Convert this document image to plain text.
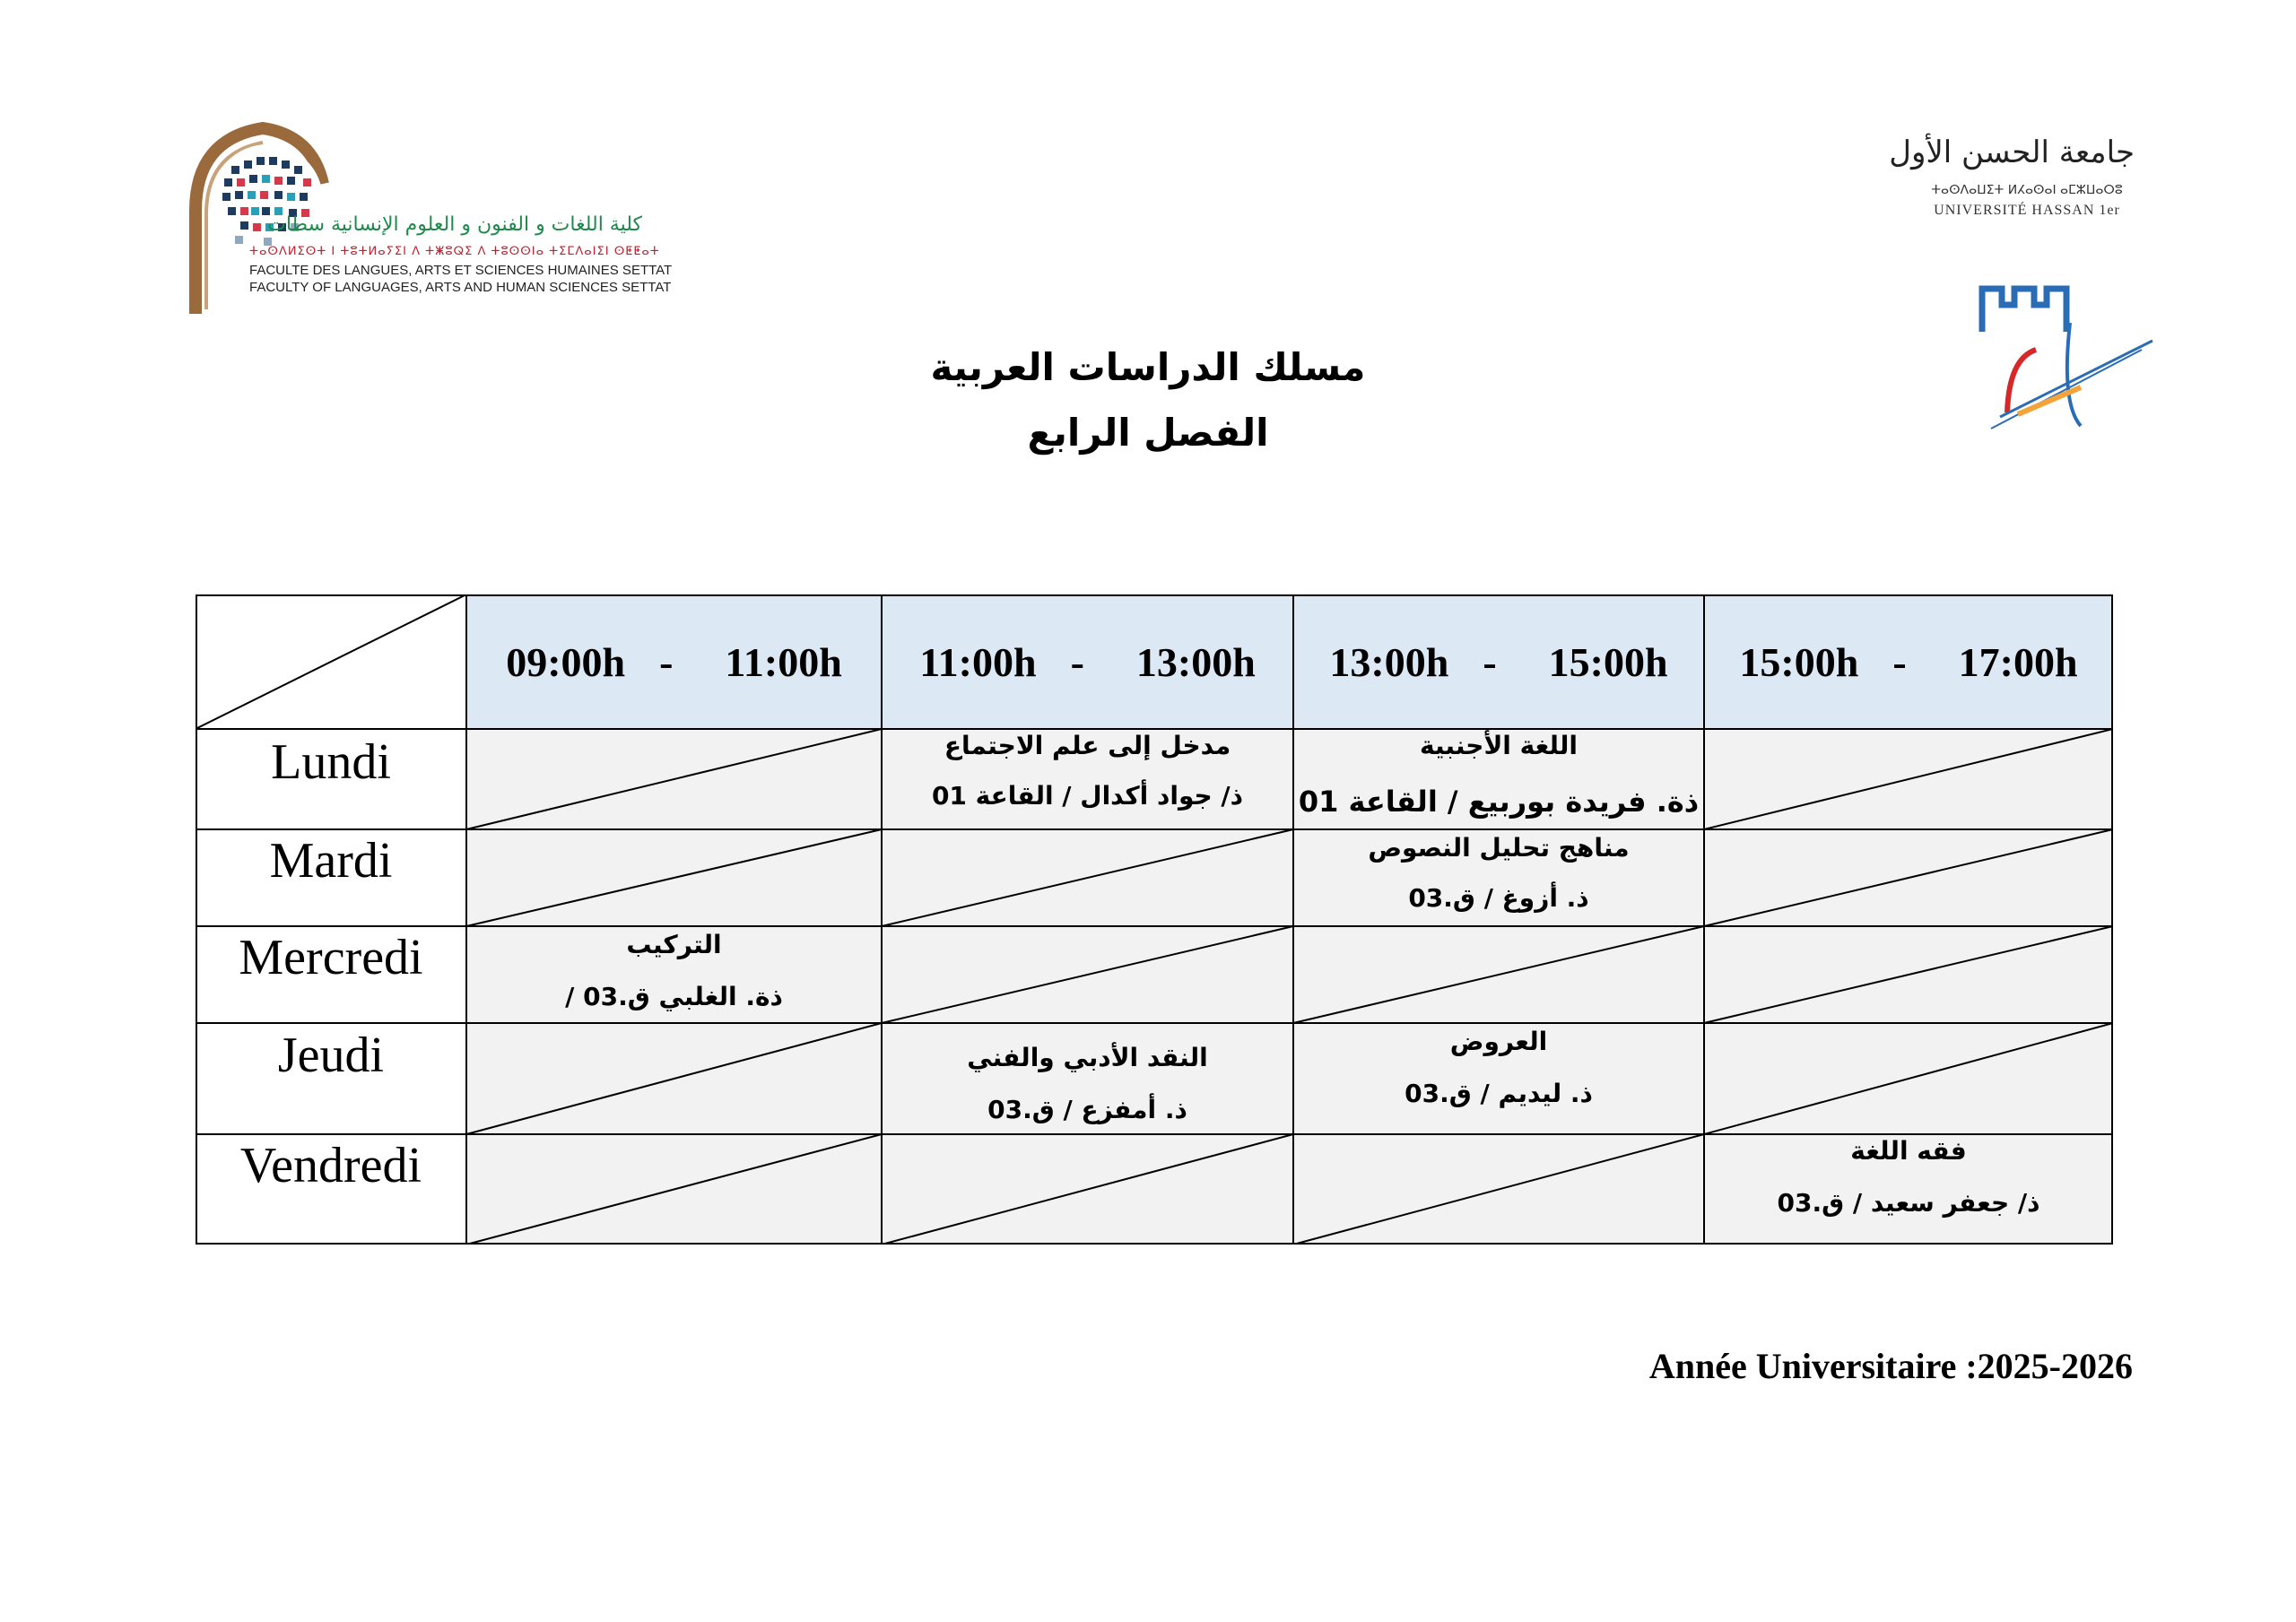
كلية اللغات و الفنون و العلوم الإنسانية سطات
ⵜⴰⵙⴷⵍⵉⵙⵜ ⵏ ⵜⵓⵜⵍⴰⵢⵉⵏ ⴷ ⵜⵥⵓⵕⵉ ⴷ ⵜⵓⵙⵙⵏⴰ ⵜⵉⵎⴷⴰⵏⵉⵏ ⵙⵟⵟⴰⵜ
FACULTE DES LANGUES, ARTS ET SCIENCES HUMAINES SETTAT
FACULTY OF LANGUAGES, ARTS AND HUMAN SCIENCES SETTAT
جامعة الحسن الأول
ⵜⴰⵙⴷⴰⵡⵉⵜ ⵍⵃⴰⵙⴰⵏ ⴰⵎⵣⵡⴰⵔⵓ
UNIVERSITÉ HASSAN 1er
مسلك الدراسات العربية
الفصل الرابع
09:00h - 11:00h 11:00h - 13:00h 13:00h - 15:00h 15:00h - 17:00h
Lundi
Mardi
Mercredi
Jeudi
Vendredi
مدخل إلى علم الاجتماع
ذ/ جواد أكدال / القاعة 01
اللغة الأجنبية
ذة. فريدة بوربيع / القاعة 01
مناهج تحليل النصوص
ذ. أزوغ / ق.03
التركيب
ذة. الغلبي ق.03 /
النقد الأدبي والفني
ذ. أمفزع / ق.03
العروض
ذ. ليديم / ق.03
فقه اللغة
ذ/ جعفر سعيد / ق.03
Année Universitaire :2025-2026
